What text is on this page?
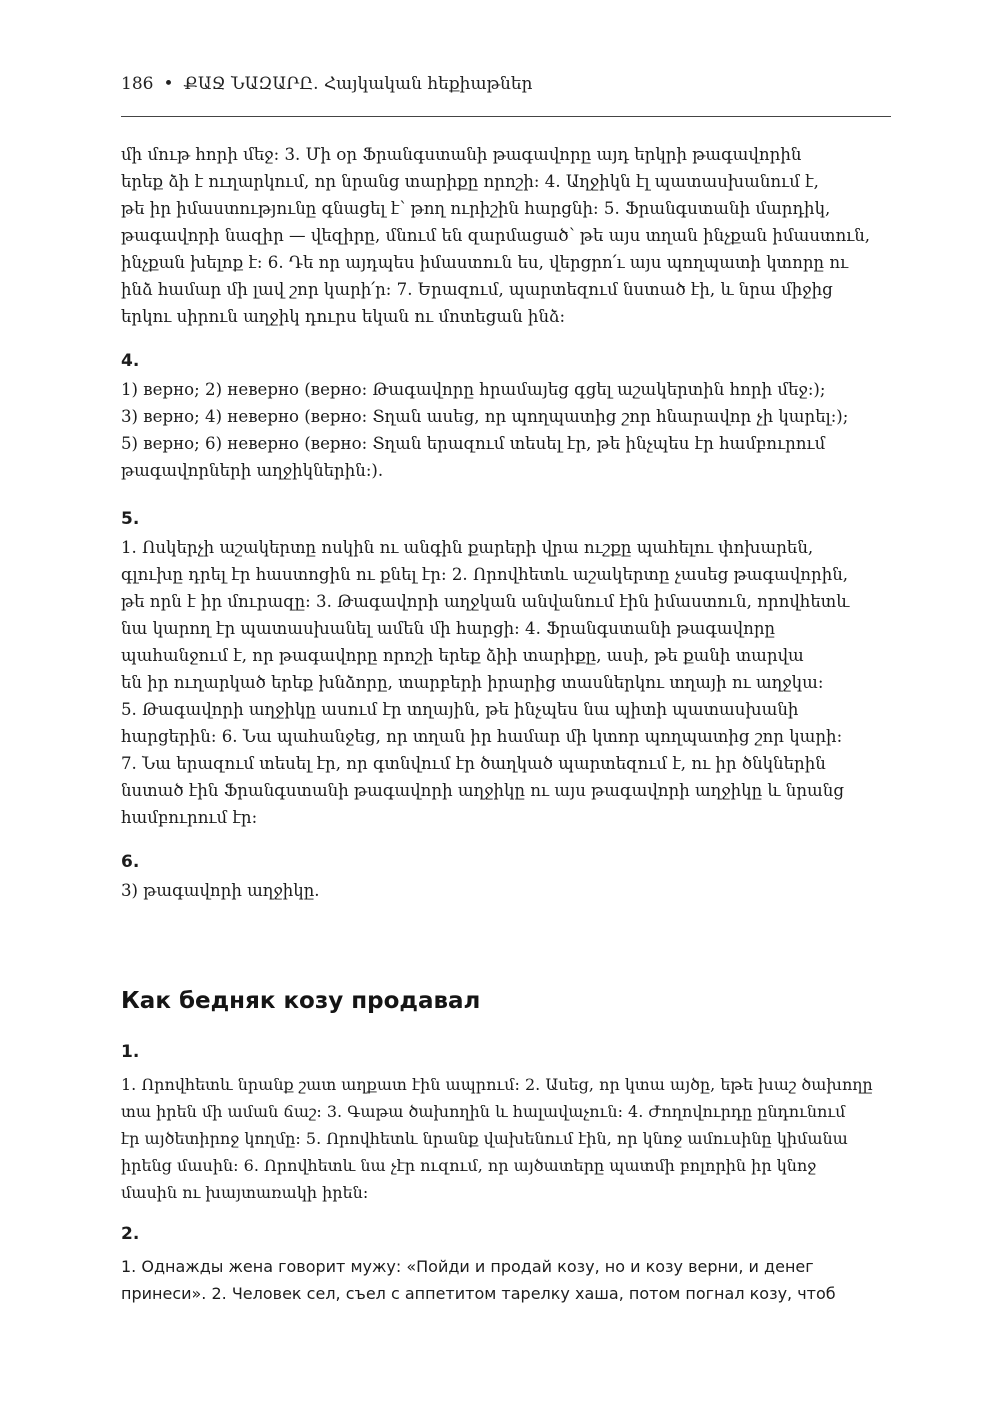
186 • ՔԱՋ ՆԱԶԱՐԸ. Հայկական հեքիաթներ

մի մութ հորի մեջ: 3. Մի օր Ֆրանգստանի թագավորը այդ երկրի թագավորին
երեք ձի է ուղարկում, որ նրանց տարիքը որոշի: 4. Աղջիկն էլ պատասխանում է,
թե իր իմաստությունը գնացել է՝ թող ուրիշին հարցնի: 5. Ֆրանգստանի մարդիկ,
թագավորի նազիր — վեզիրը, մնում են զարմացած՝ թե այս տղան ինչքան իմաստուն,
ինչքան խելոք է: 6. Դե որ այդպես իմաստուն ես, վերցրո՛ւ այս պողպատի կտորը ու
ինձ համար մի լավ շոր կարի՛ր: 7. Երազում, պարտեզում նստած էի, և նրա միջից
երկու սիրուն աղջիկ դուրս եկան ու մոտեցան ինձ:

4.

1) верно; 2) неверно (верно: Թագավորը հրամայեց գցել աշակերտին հորի մեջ:);
3) верно; 4) неверно (верно: Տղան ասեց, որ պողպատից շոր հնարավոր չի կարել:);
5) верно; 6) неверно (верно: Տղան երազում տեսել էր, թե ինչպես էր համբուրում
թագավորների աղջիկներին:).

5.

1. Ոսկերչի աշակերտը ոսկին ու անգին քարերի վրա ուշքը պահելու փոխարեն,
գլուխը դրել էր հաստոցին ու քնել էր: 2. Որովհետև աշակերտը չասեց թագավորին,
թե որն է իր մուրազը: 3. Թագավորի աղջկան անվանում էին իմաստուն, որովհետև
նա կարող էր պատասխանել ամեն մի հարցի: 4. Ֆրանգստանի թագավորը
պահանջում է, որ թագավորը որոշի երեք ձիի տարիքը, ասի, թե քանի տարվա
են իր ուղարկած երեք խնձորը, տարբերի իրարից տասներկու տղայի ու աղջկա:
5. Թագավորի աղջիկը ասում էր տղային, թե ինչպես նա պիտի պատասխանի
հարցերին: 6. Նա պահանջեց, որ տղան իր համար մի կտոր պողպատից շոր կարի:
7. Նա երազում տեսել էր, որ գտնվում էր ծաղկած պարտեզում է, ու իր ծնկներին
նստած էին Ֆրանգստանի թագավորի աղջիկը ու այս թագավորի աղջիկը և նրանց
համբուրում էր:

6.

3) թագավորի աղջիկը.

Как бедняк козу продавал

1.

1. Որովհետև նրանք շատ աղքատ էին ապրում: 2. Ասեց, որ կտա այծը, եթե խաշ ծախողը
տա իրեն մի աման ճաշ: 3. Գաթա ծախողին և հալավաչուն: 4. Ժողովուրդը ընդունում
էր այծետիրոջ կողմը: 5. Որովհետև նրանք վախենում էին, որ կնոջ ամուսինը կիմանա
իրենց մասին: 6. Որովհետև նա չէր ուզում, որ այծատերը պատմի բոլորին իր կնոջ
մասին ու խայտառակի իրեն:

2.

1. Однажды жена говорит мужу: «Пойди и продай козу, но и козу верни, и денег
принеси». 2. Человек сел, съел с аппетитом тарелку хаша, потом погнал козу, чтоб
